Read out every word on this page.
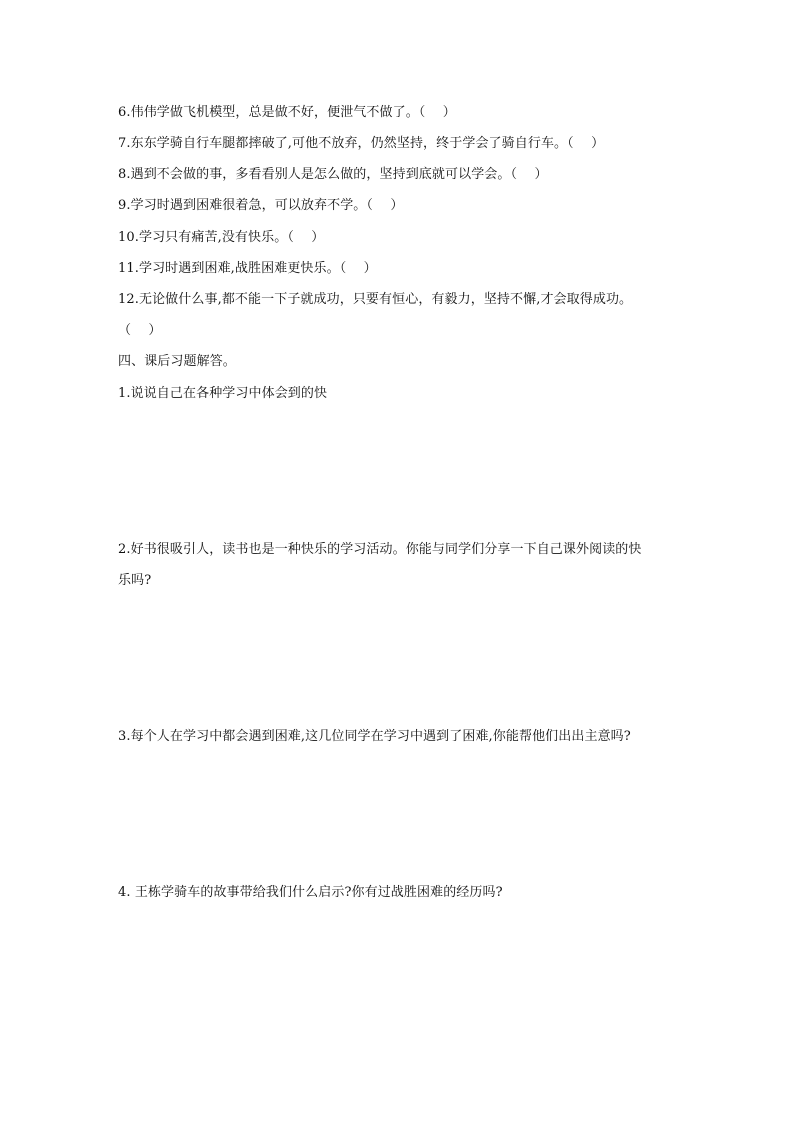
6.伟伟学做飞机模型，总是做不好，便泄气不做了。（　 ）
7.东东学骑自行车腿都摔破了,可他不放弃，仍然坚持，终于学会了骑自行车。（　 ）
8.遇到不会做的事，多看看别人是怎么做的，坚持到底就可以学会。（　 ）
9.学习时遇到困难很着急，可以放弃不学。（　 ）
10.学习只有痛苦,没有快乐。（　 ）
11.学习时遇到困难,战胜困难更快乐。（　 ）
12.无论做什么事,都不能一下子就成功，只要有恒心，有毅力，坚持不懈,才会取得成功。
（　 ）
四、课后习题解答。
1.说说自己在各种学习中体会到的快
2.好书很吸引人，读书也是一种快乐的学习活动。你能与同学们分享一下自己课外阅读的快
乐吗?
3.每个人在学习中都会遇到困难,这几位同学在学习中遇到了困难,你能帮他们出出主意吗?
4. 王栋学骑车的故事带给我们什么启示?你有过战胜困难的经历吗?
